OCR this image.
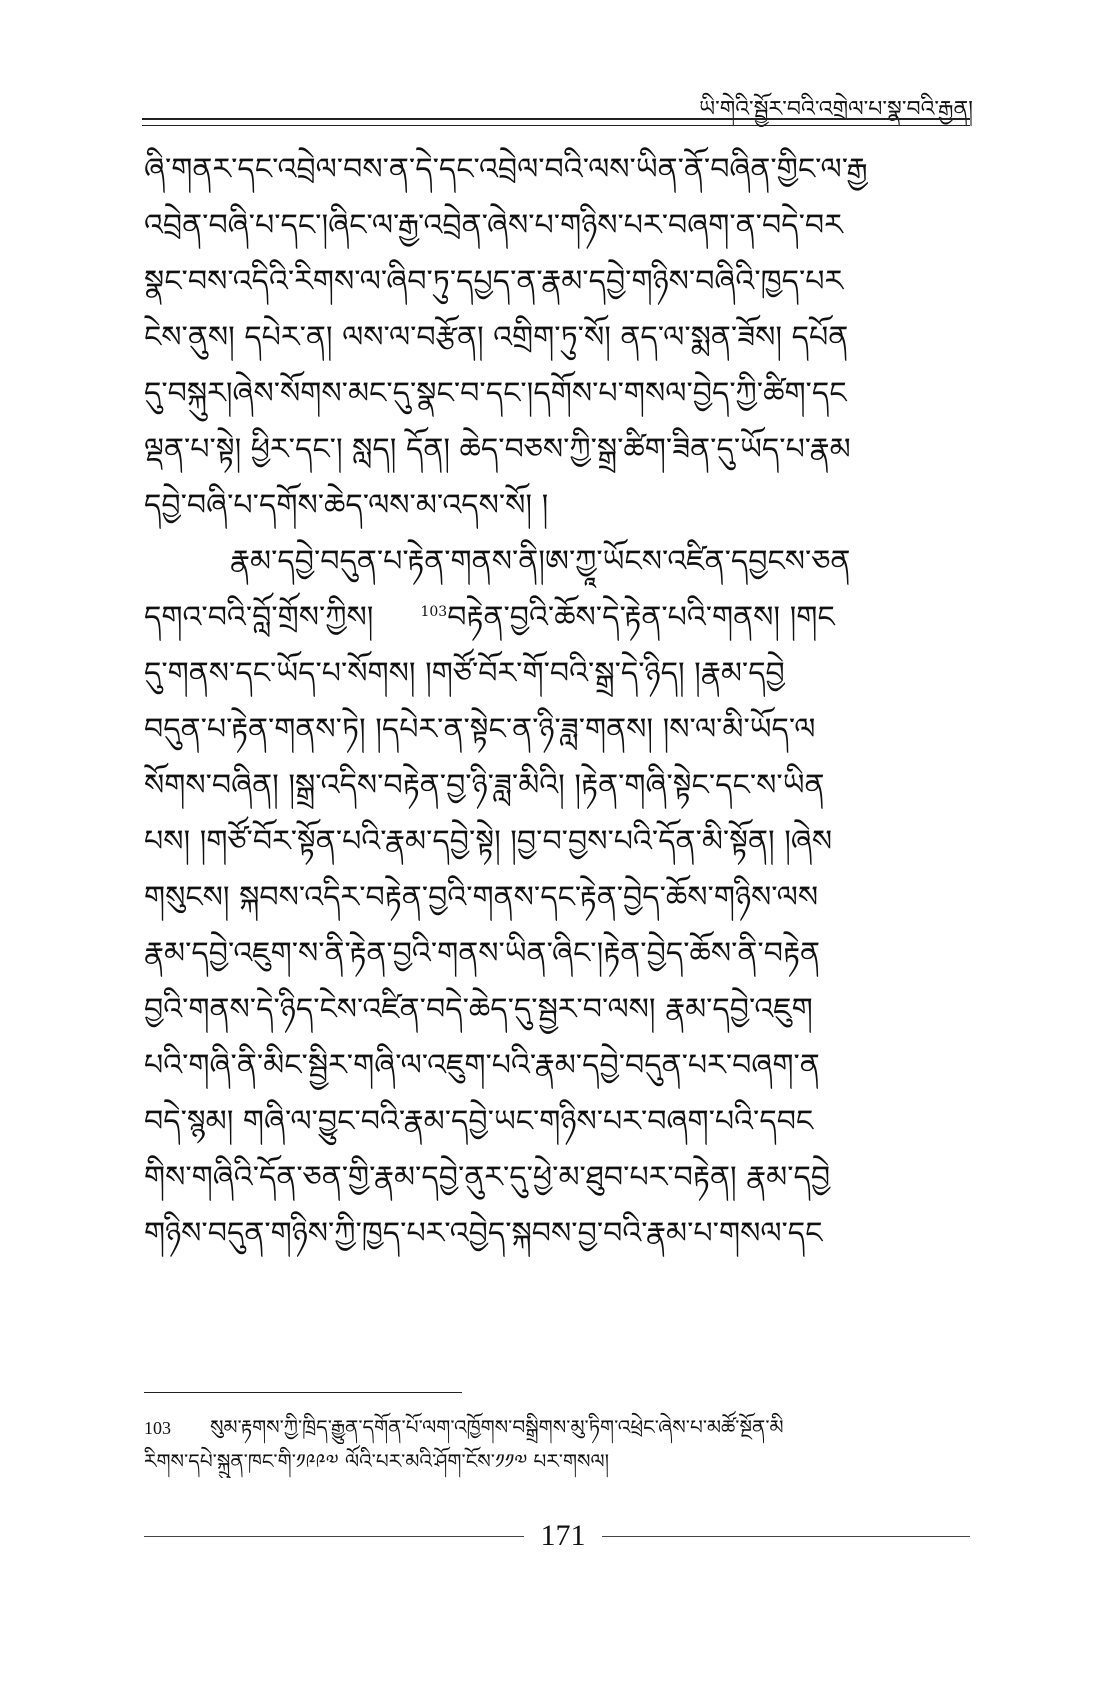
ཡི་གེའི་སྦྱོར་བའི་འགྲེལ་པ་སྣ་བའི་རྒྱན།
ཞི་གནར་དང་འབྲེལ་བས་ན་དེ་དང་འབྲེལ་བའི་ལས་ཡིན་ནོ་བཞིན་གྱིང་ལ་རྒྱ
འབྲེན་བཞི་པ་དང་།ཞིང་ལ་རྒྱ་འབྲེན་ཞེས་པ་གཉིས་པར་བཞག་ན་བདེ་བར
སྣང་བས་འདིའི་རིགས་ལ་ཞིབ་ཏུ་དཔྱད་ན་རྣམ་དབྱེ་གཉིས་བཞིའི་ཁྱད་པར
ངེས་ནུས། དཔེར་ན། ལས་ལ་བརྩོན། འགྲིག་ཏུ་སོ། ནད་ལ་སྨན་ཟོས། དཔོན
དུ་བསྐུར།ཞེས་སོགས་མང་དུ་སྣང་བ་དང་།དགོས་པ་གསལ་བྱེད་ཀྱི་ཚིག་དང
ལྡན་པ་སྟེ། ཕྱིར་དང་། སླད། དོན། ཆེད་བཅས་ཀྱི་སྒྲ་ཚིག་ཟིན་དུ་ཡོད་པ་རྣམ
དབྱེ་བཞི་པ་དགོས་ཆེད་ལས་མ་འདས་སོ། །
རྣམ་དབྱེ་བདུན་པ་རྟེན་གནས་ནི།ཨ་ཀྱཱ་ཡོངས་འཛིན་དབྱངས་ཅན
དགའ་བའི་བློ་གྲོས་ཀྱིས།	$^{103}$བརྟེན་བྱའི་ཆོས་དེ་རྟེན་པའི་གནས། །གང
དུ་གནས་དང་ཡོད་པ་སོགས། །གཙོ་བོར་གོ་བའི་སྒྲ་དེ་ཉིད། །རྣམ་དབྱེ
བདུན་པ་རྟེན་གནས་ཏེ། །དཔེར་ན་སྟེང་ན་ཉི་ཟླ་གནས། །ས་ལ་མི་ཡོད་ལ
སོགས་བཞིན། །སྒྲ་འདིས་བརྟེན་བྱ་ཉི་ཟླ་མིའི། །རྟེན་གཞི་སྟེང་དང་ས་ཡིན
པས། །གཙོ་བོར་སྟོན་པའི་རྣམ་དབྱེ་སྟེ། །བྱ་བ་བྱས་པའི་དོན་མི་སྟོན། །ཞེས
གསུངས། སྐབས་འདིར་བརྟེན་བྱའི་གནས་དང་རྟེན་བྱེད་ཆོས་གཉིས་ལས
རྣམ་དབྱེ་འཇུག་ས་ནི་རྟེན་བྱའི་གནས་ཡིན་ཞིང་།རྟེན་བྱེད་ཆོས་ནི་བརྟེན
བྱའི་གནས་དེ་ཉིད་ངེས་འཛིན་བདེ་ཆེད་དུ་སྦྱར་བ་ལས། རྣམ་དབྱེ་འཇུག
པའི་གཞི་ནི་མིང་སྦྱིར་གཞི་ལ་འཇུག་པའི་རྣམ་དབྱེ་བདུན་པར་བཞག་ན
བདེ་སྙམ། གཞི་ལ་བྱུང་བའི་རྣམ་དབྱེ་ཡང་གཉིས་པར་བཞག་པའི་དབང
གིས་གཞིའི་དོན་ཅན་གྱི་རྣམ་དབྱེ་ནུར་དུ་ཕྱེ་མ་ཐུབ་པར་བརྟེན། རྣམ་དབྱེ
གཉིས་བདུན་གཉིས་ཀྱི་ཁྱད་པར་འབྱེད་སྐབས་བྱ་བའི་རྣམ་པ་གསལ་དང
103 སུམ་རྟགས་ཀྱི་ཁྲིད་རྒྱུན་དགོན་པོ་ལག་འཁྱོགས་བསྒྲིགས་མུ་ཏིག་འཕྲེང་ཞེས་པ་མཚོ་སྔོན་མི
རིགས་དཔེ་སྐྲུན་ཁང་གི་༡༩༩༧ ལོའི་པར་མའི་ཤོག་ངོས་༡༡༧ པར་གསལ།
171
